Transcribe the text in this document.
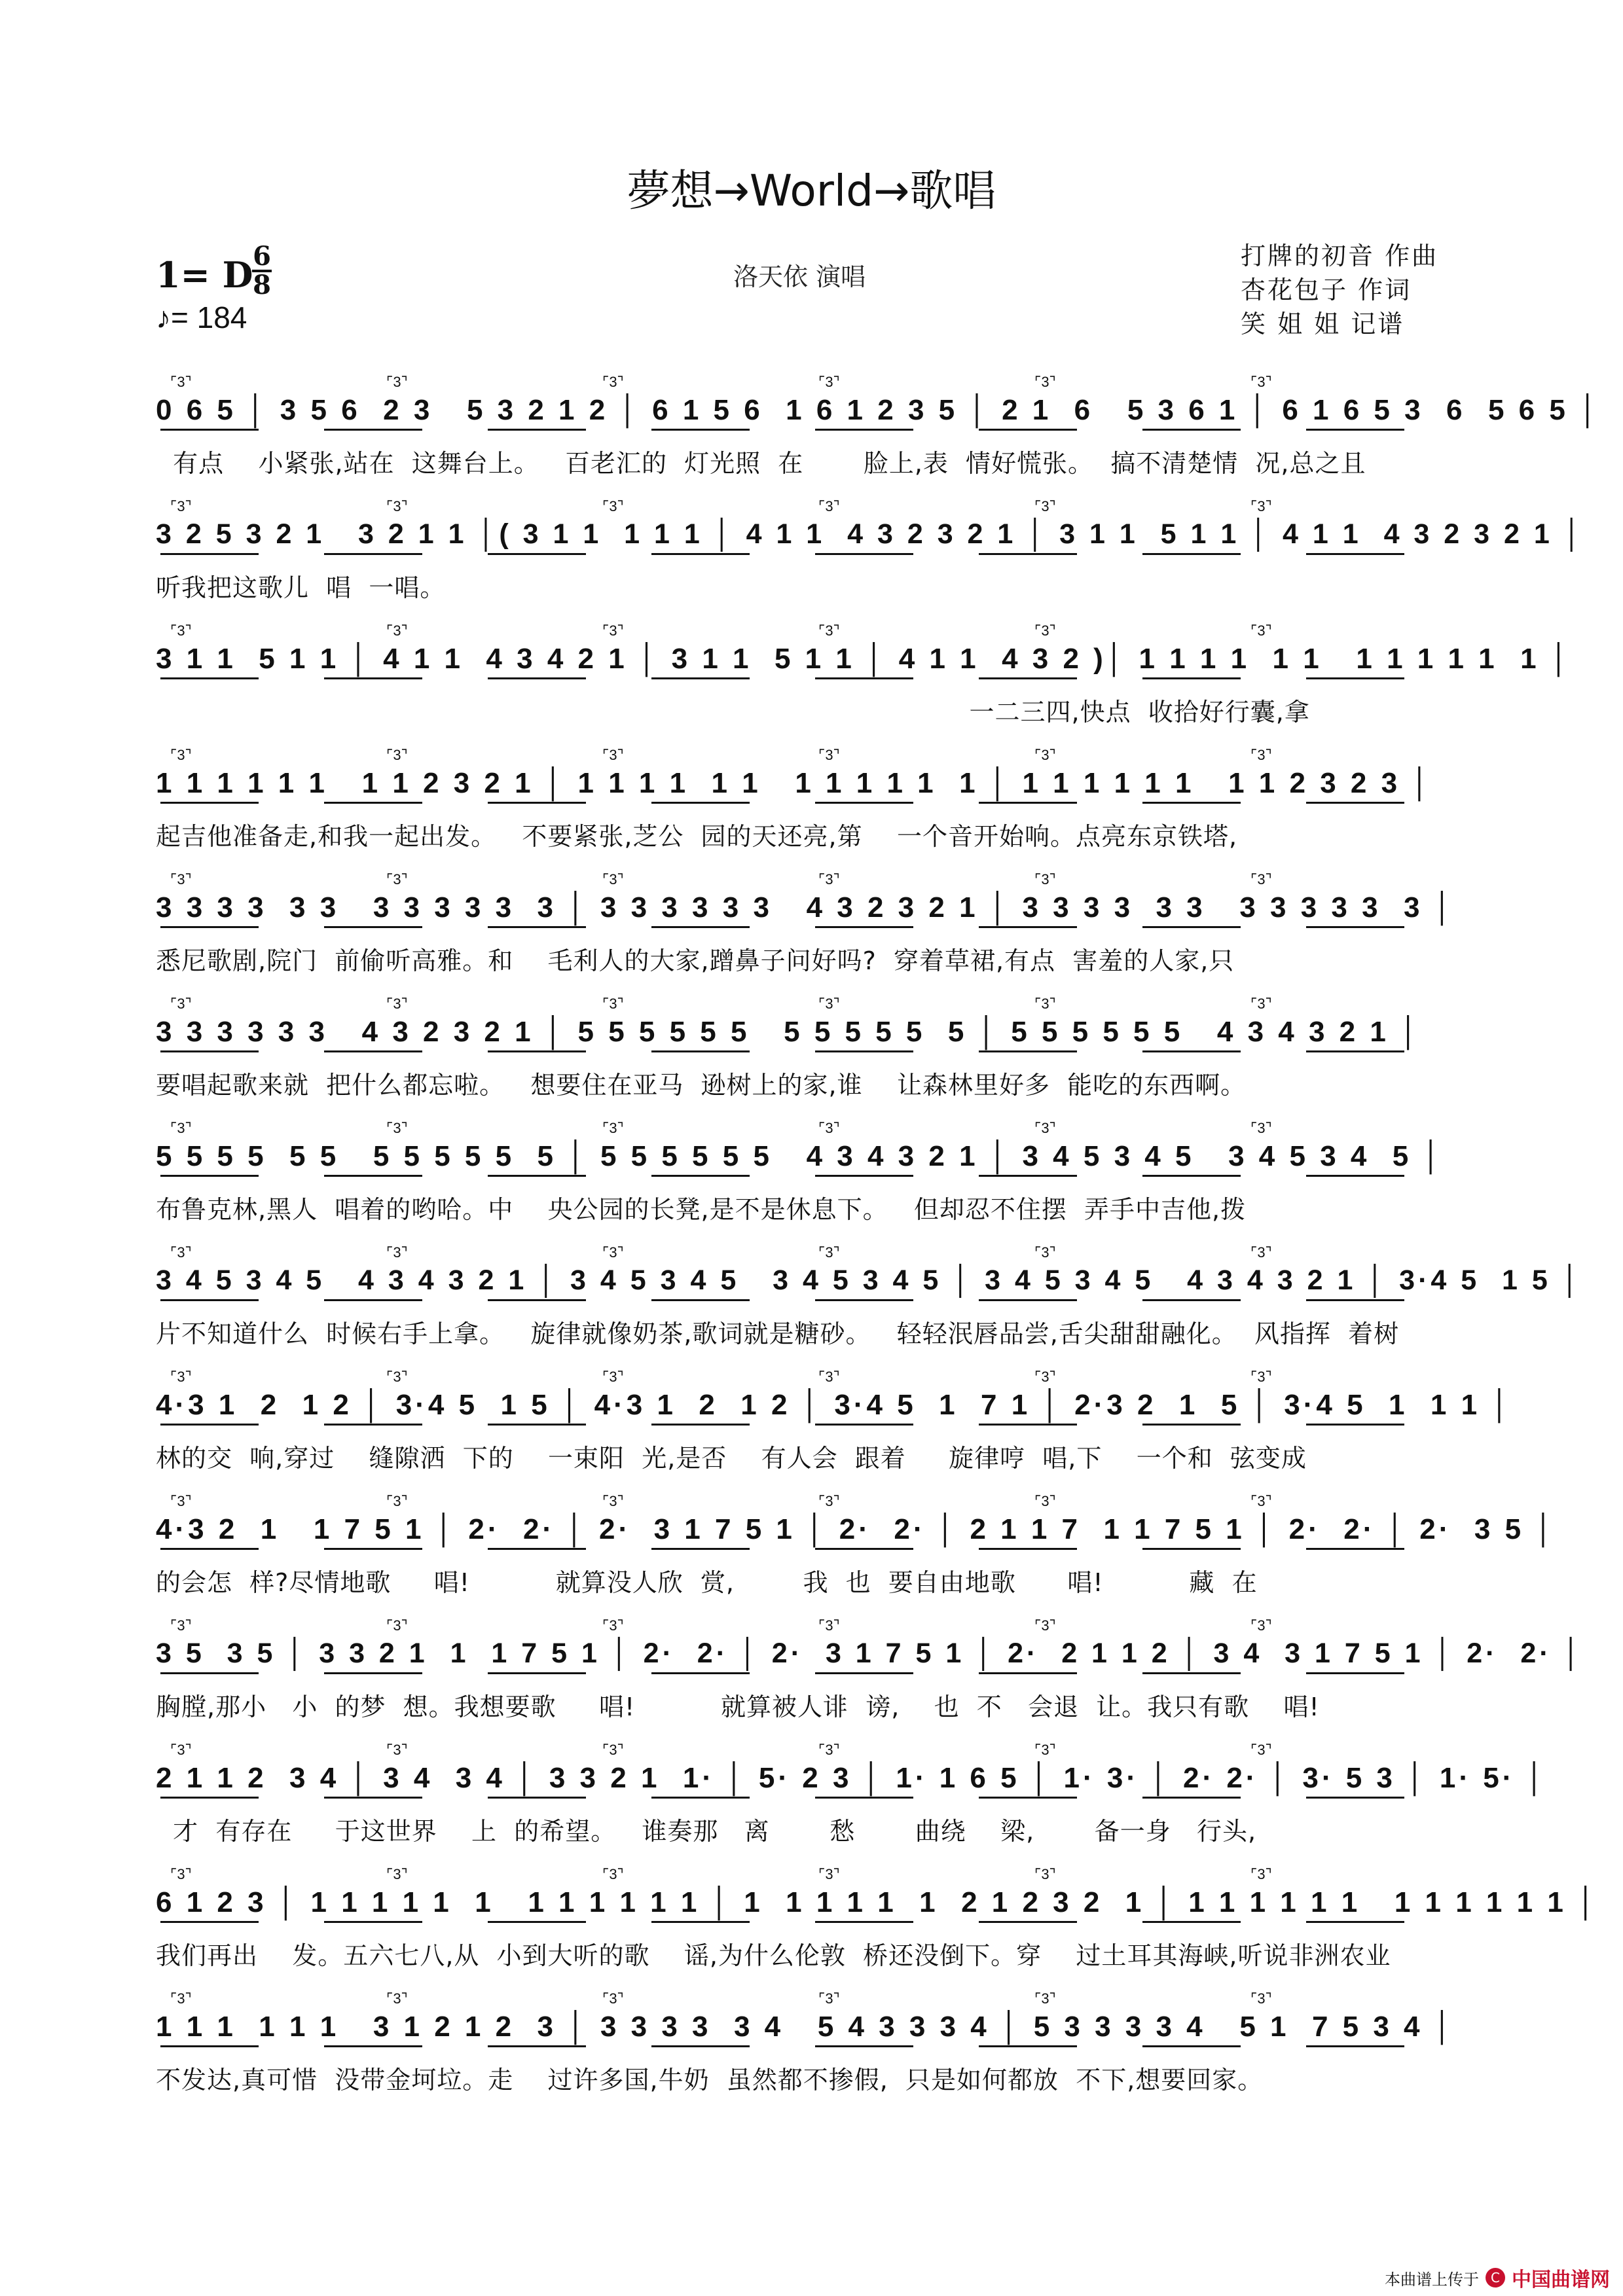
夢想→World→歌唱
1= D 6
8
♪= 184
洛天依 演唱
打牌的初音 作曲
杏花包子 作词
笑 姐 姐 记谱
0 6 5 │ 3 5 6  2 3   5 3 2 1 2 │ 6 1 5 6  1 6 1 2 3 5 │ 2 1  6   5 3 6 1 │ 6 1 6 5 3  6  5 6 5 │
有点    小紧张,站在  这舞台上。   百老汇的  灯光照  在       脸上,表  情好慌张。  搞不清楚情  况,总之且
⌜3⌝	⌜3⌝	⌜3⌝	⌜3⌝	⌜3⌝	⌜3⌝
3 2 5 3 2 1   3 2 1 1 │( 3 1 1  1 1 1 │ 4 1 1  4 3 2 3 2 1 │ 3 1 1  5 1 1 │ 4 1 1  4 3 2 3 2 1 │
听我把这歌儿  唱  一唱。
⌜3⌝	⌜3⌝	⌜3⌝	⌜3⌝	⌜3⌝	⌜3⌝
3 1 1  5 1 1 │ 4 1 1  4 3 4 2 1 │ 3 1 1  5 1 1 │ 4 1 1  4 3 2 )│ 1 1 1 1  1 1   1 1 1 1 1  1 │
一二三四,快点  收拾好行囊,拿
⌜3⌝	⌜3⌝	⌜3⌝	⌜3⌝	⌜3⌝	⌜3⌝
1 1 1 1 1 1   1 1 2 3 2 1 │ 1 1 1 1  1 1   1 1 1 1 1  1 │ 1 1 1 1 1 1   1 1 2 3 2 3 │
起吉他准备走,和我一起出发。   不要紧张,芝公  园的天还亮,第    一个音开始响。点亮东京铁塔,
⌜3⌝	⌜3⌝	⌜3⌝	⌜3⌝	⌜3⌝	⌜3⌝
3 3 3 3  3 3   3 3 3 3 3  3 │ 3 3 3 3 3 3   4 3 2 3 2 1 │ 3 3 3 3  3 3   3 3 3 3 3  3 │
悉尼歌剧,院门  前偷听高雅。和    毛利人的大家,蹭鼻子问好吗?  穿着草裙,有点  害羞的人家,只
⌜3⌝	⌜3⌝	⌜3⌝	⌜3⌝	⌜3⌝	⌜3⌝
3 3 3 3 3 3   4 3 2 3 2 1 │ 5 5 5 5 5 5   5 5 5 5 5  5 │ 5 5 5 5 5 5   4 3 4 3 2 1 │
要唱起歌来就  把什么都忘啦。   想要住在亚马  逊树上的家,谁    让森林里好多  能吃的东西啊。
⌜3⌝	⌜3⌝	⌜3⌝	⌜3⌝	⌜3⌝	⌜3⌝
5 5 5 5  5 5   5 5 5 5 5  5 │ 5 5 5 5 5 5   4 3 4 3 2 1 │ 3 4 5 3 4 5   3 4 5 3 4  5 │
布鲁克林,黑人  唱着的哟哈。中    央公园的长凳,是不是休息下。   但却忍不住摆  弄手中吉他,拨
⌜3⌝	⌜3⌝	⌜3⌝	⌜3⌝	⌜3⌝	⌜3⌝
3 4 5 3 4 5   4 3 4 3 2 1 │ 3 4 5 3 4 5   3 4 5 3 4 5 │ 3 4 5 3 4 5   4 3 4 3 2 1 │ 3·4 5  1 5 │
片不知道什么  时候右手上拿。   旋律就像奶茶,歌词就是糖砂。   轻轻泯唇品尝,舌尖甜甜融化。  风指挥  着树
⌜3⌝	⌜3⌝	⌜3⌝	⌜3⌝	⌜3⌝	⌜3⌝
4·3 1  2  1 2 │ 3·4 5  1 5 │ 4·3 1  2  1 2 │ 3·4 5  1  7 1 │ 2·3 2  1  5 │ 3·4 5  1  1 1 │
林的交  响,穿过    缝隙洒  下的    一束阳  光,是否    有人会  跟着     旋律哼  唱,下    一个和  弦变成
⌜3⌝	⌜3⌝	⌜3⌝	⌜3⌝	⌜3⌝	⌜3⌝
4·3 2  1   1 7 5 1 │ 2·  2· │ 2·  3 1 7 5 1 │ 2·  2· │ 2 1 1 7  1 1 7 5 1 │ 2·  2· │ 2·  3 5 │
的会怎  样?尽情地歌     唱!          就算没人欣  赏,        我  也  要自由地歌      唱!          藏  在
⌜3⌝	⌜3⌝	⌜3⌝	⌜3⌝	⌜3⌝	⌜3⌝
3 5  3 5 │ 3 3 2 1  1  1 7 5 1 │ 2·  2· │ 2·  3 1 7 5 1 │ 2·  2 1 1 2 │ 3 4  3 1 7 5 1 │ 2·  2· │
胸膛,那小   小  的梦  想。我想要歌     唱!          就算被人诽  谤,    也  不   会退  让。我只有歌    唱!
⌜3⌝	⌜3⌝	⌜3⌝	⌜3⌝	⌜3⌝	⌜3⌝
2 1 1 2  3 4 │ 3 4  3 4 │ 3 3 2 1  1· │ 5· 2 3 │ 1· 1 6 5 │ 1· 3· │ 2· 2· │ 3· 5 3 │ 1· 5· │
才  有存在     于这世界    上  的希望。   谁奏那   离       愁       曲绕    梁,       备一身   行头,
⌜3⌝	⌜3⌝	⌜3⌝	⌜3⌝	⌜3⌝	⌜3⌝
6 1 2 3 │ 1 1 1 1 1  1   1 1 1 1 1 1 │ 1  1 1 1 1  1  2 1 2 3 2  1 │ 1 1 1 1 1 1   1 1 1 1 1 1 │
我们再出    发。五六七八,从  小到大听的歌    谣,为什么伦敦  桥还没倒下。穿    过土耳其海峡,听说非洲农业
⌜3⌝	⌜3⌝	⌜3⌝	⌜3⌝	⌜3⌝	⌜3⌝
1 1 1  1 1 1   3 1 2 1 2  3 │ 3 3 3 3  3 4   5 4 3 3 3 4 │ 5 3 3 3 3 4   5 1  7 5 3 4 │
不发达,真可惜  没带金坷垃。走    过许多国,牛奶  虽然都不掺假,  只是如何都放  不下,想要回家。
⌜3⌝	⌜3⌝	⌜3⌝	⌜3⌝	⌜3⌝	⌜3⌝
本曲谱上传于 C 中国曲谱网
